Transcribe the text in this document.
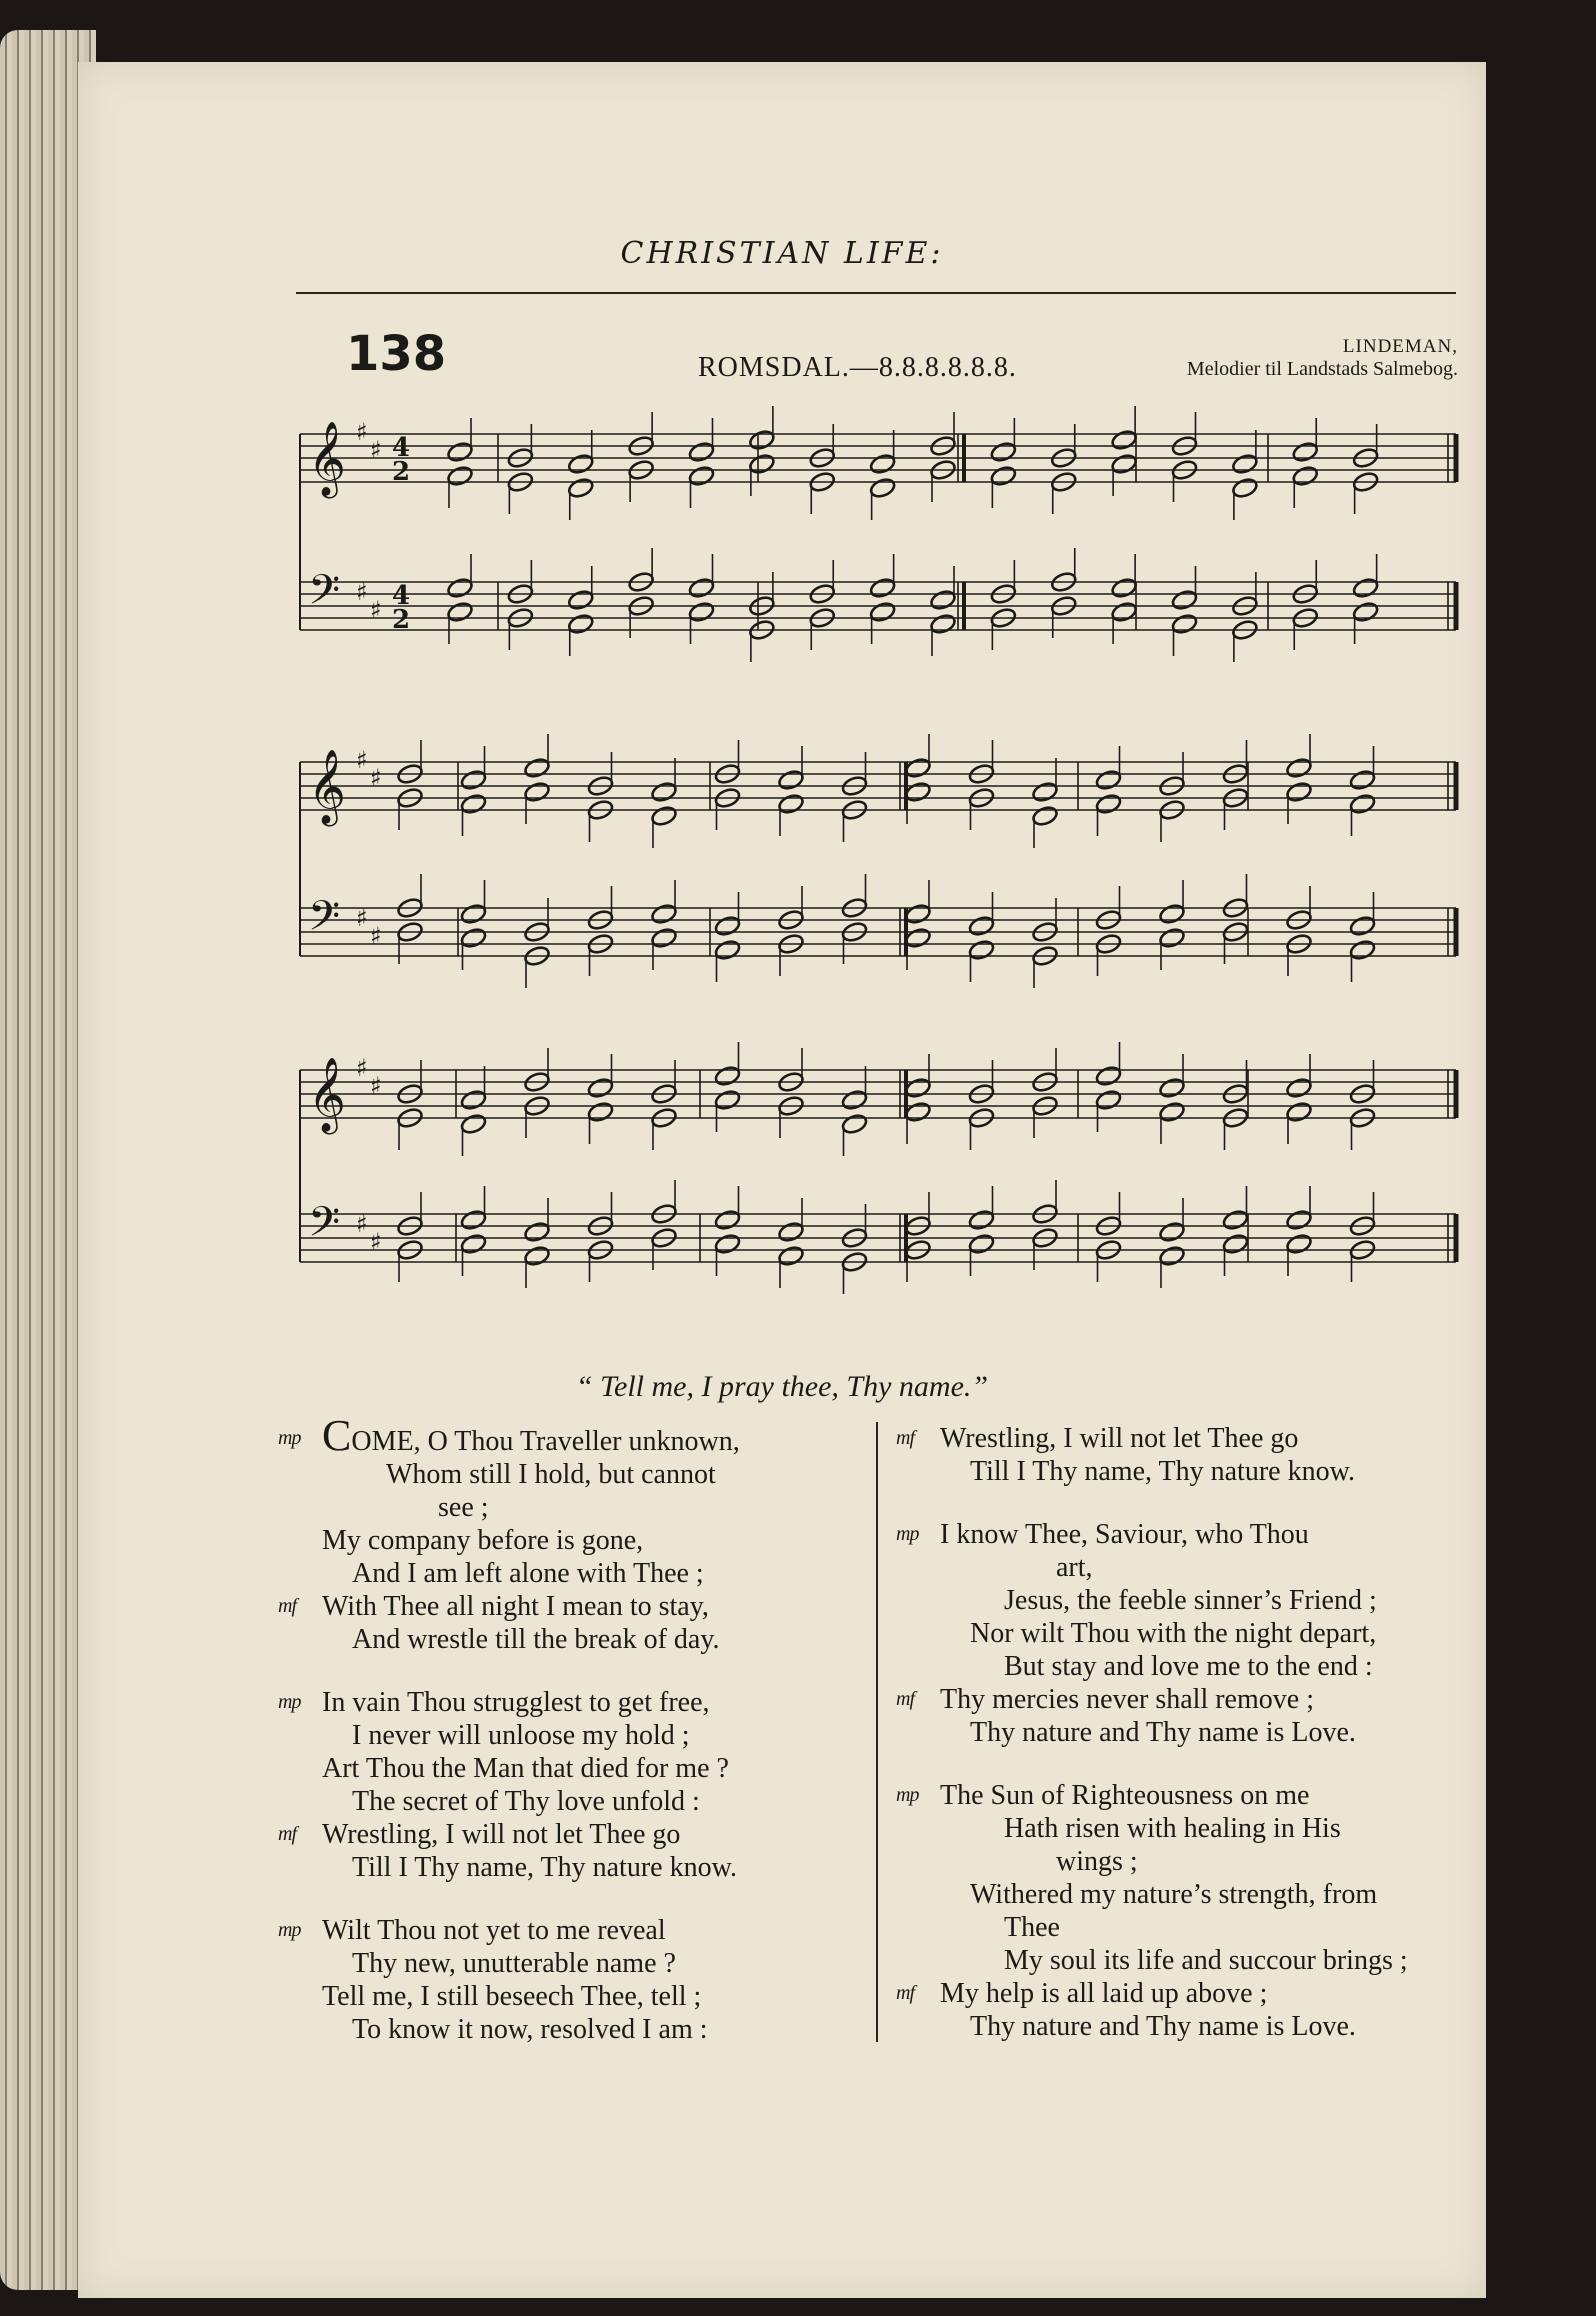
CHRISTIAN LIFE:
138	ROMSDAL.—8.8.8.8.8.8.
LINDEMAN,
Melodier til Landstads Salmebog.
𝄞 ♯
♯ 4
2
𝄢 ♯
♯ 4
2
𝄞 ♯
♯
𝄢 ♯
♯
𝄞 ♯
♯
𝄢 ♯
♯
“ Tell me, I pray thee, Thy name.”
mp COME, O Thou Traveller unknown,
Whom still I hold, but cannot
see ;
My company before is gone,
And I am left alone with Thee ;
mf With Thee all night I mean to stay,
And wrestle till the break of day.
mp In vain Thou strugglest to get free,
I never will unloose my hold ;
Art Thou the Man that died for me ?
The secret of Thy love unfold :
mf Wrestling, I will not let Thee go
Till I Thy name, Thy nature know.
mp Wilt Thou not yet to me reveal
Thy new, unutterable name ?
Tell me, I still beseech Thee, tell ;
To know it now, resolved I am :
mf Wrestling, I will not let Thee go
Till I Thy name, Thy nature know.
mp I know Thee, Saviour, who Thou
art,
Jesus, the feeble sinner’s Friend ;
Nor wilt Thou with the night depart,
But stay and love me to the end :
mf Thy mercies never shall remove ;
Thy nature and Thy name is Love.
mp The Sun of Righteousness on me
Hath risen with healing in His
wings ;
Withered my nature’s strength, from
Thee
My soul its life and succour brings ;
mf My help is all laid up above ;
Thy nature and Thy name is Love.
